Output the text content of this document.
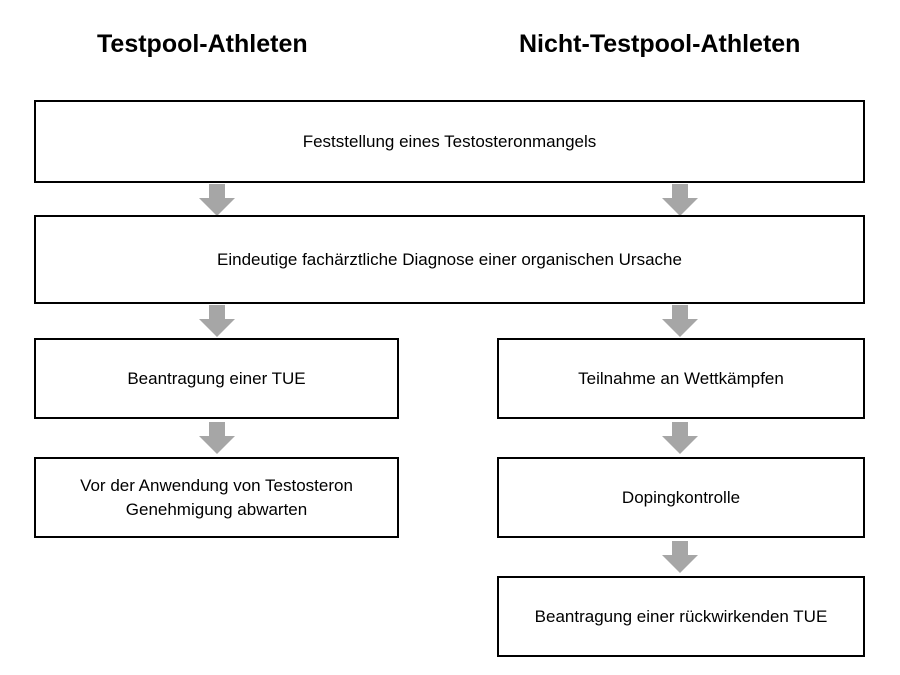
Testpool-Athleten	Nicht-Testpool-Athleten
Feststellung eines Testosteronmangels
Eindeutige fachärztliche Diagnose einer organischen Ursache
Beantragung einer TUE	Teilnahme an Wettkämpfen
Vor der Anwendung von Testosteron
Genehmigung abwarten
Dopingkontrolle
Beantragung einer rückwirkenden TUE
